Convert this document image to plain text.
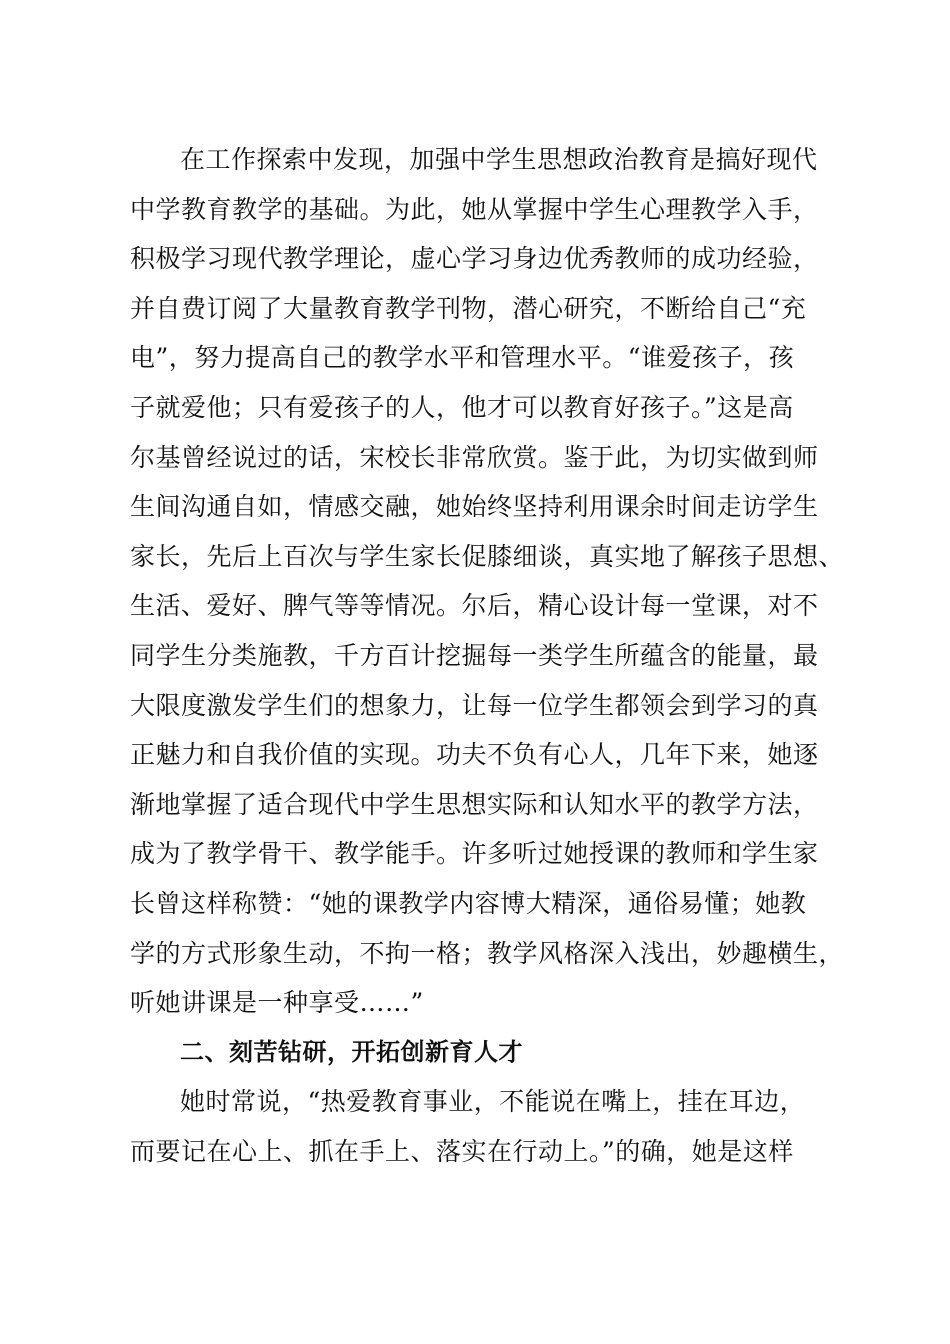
在工作探索中发现，加强中学生思想政治教育是搞好现代
中学教育教学的基础。为此，她从掌握中学生心理教学入手，
积极学习现代教学理论，虚心学习身边优秀教师的成功经验，
并自费订阅了大量教育教学刊物，潜心研究，不断给自己“充
电”，努力提高自己的教学水平和管理水平。“谁爱孩子，孩
子就爱他；只有爱孩子的人，他才可以教育好孩子。”这是高
尔基曾经说过的话，宋校长非常欣赏。鉴于此，为切实做到师
生间沟通自如，情感交融，她始终坚持利用课余时间走访学生
家长，先后上百次与学生家长促膝细谈，真实地了解孩子思想、
生活、爱好、脾气等等情况。尔后，精心设计每一堂课，对不
同学生分类施教，千方百计挖掘每一类学生所蕴含的能量，最
大限度激发学生们的想象力，让每一位学生都领会到学习的真
正魅力和自我价值的实现。功夫不负有心人，几年下来，她逐
渐地掌握了适合现代中学生思想实际和认知水平的教学方法，
成为了教学骨干、教学能手。许多听过她授课的教师和学生家
长曾这样称赞：“她的课教学内容博大精深，通俗易懂；她教
学的方式形象生动，不拘一格；教学风格深入浅出，妙趣横生，
听她讲课是一种享受……”
二、刻苦钻研，开拓创新育人才
她时常说，“热爱教育事业，不能说在嘴上，挂在耳边，
而要记在心上、抓在手上、落实在行动上。”的确，她是这样
